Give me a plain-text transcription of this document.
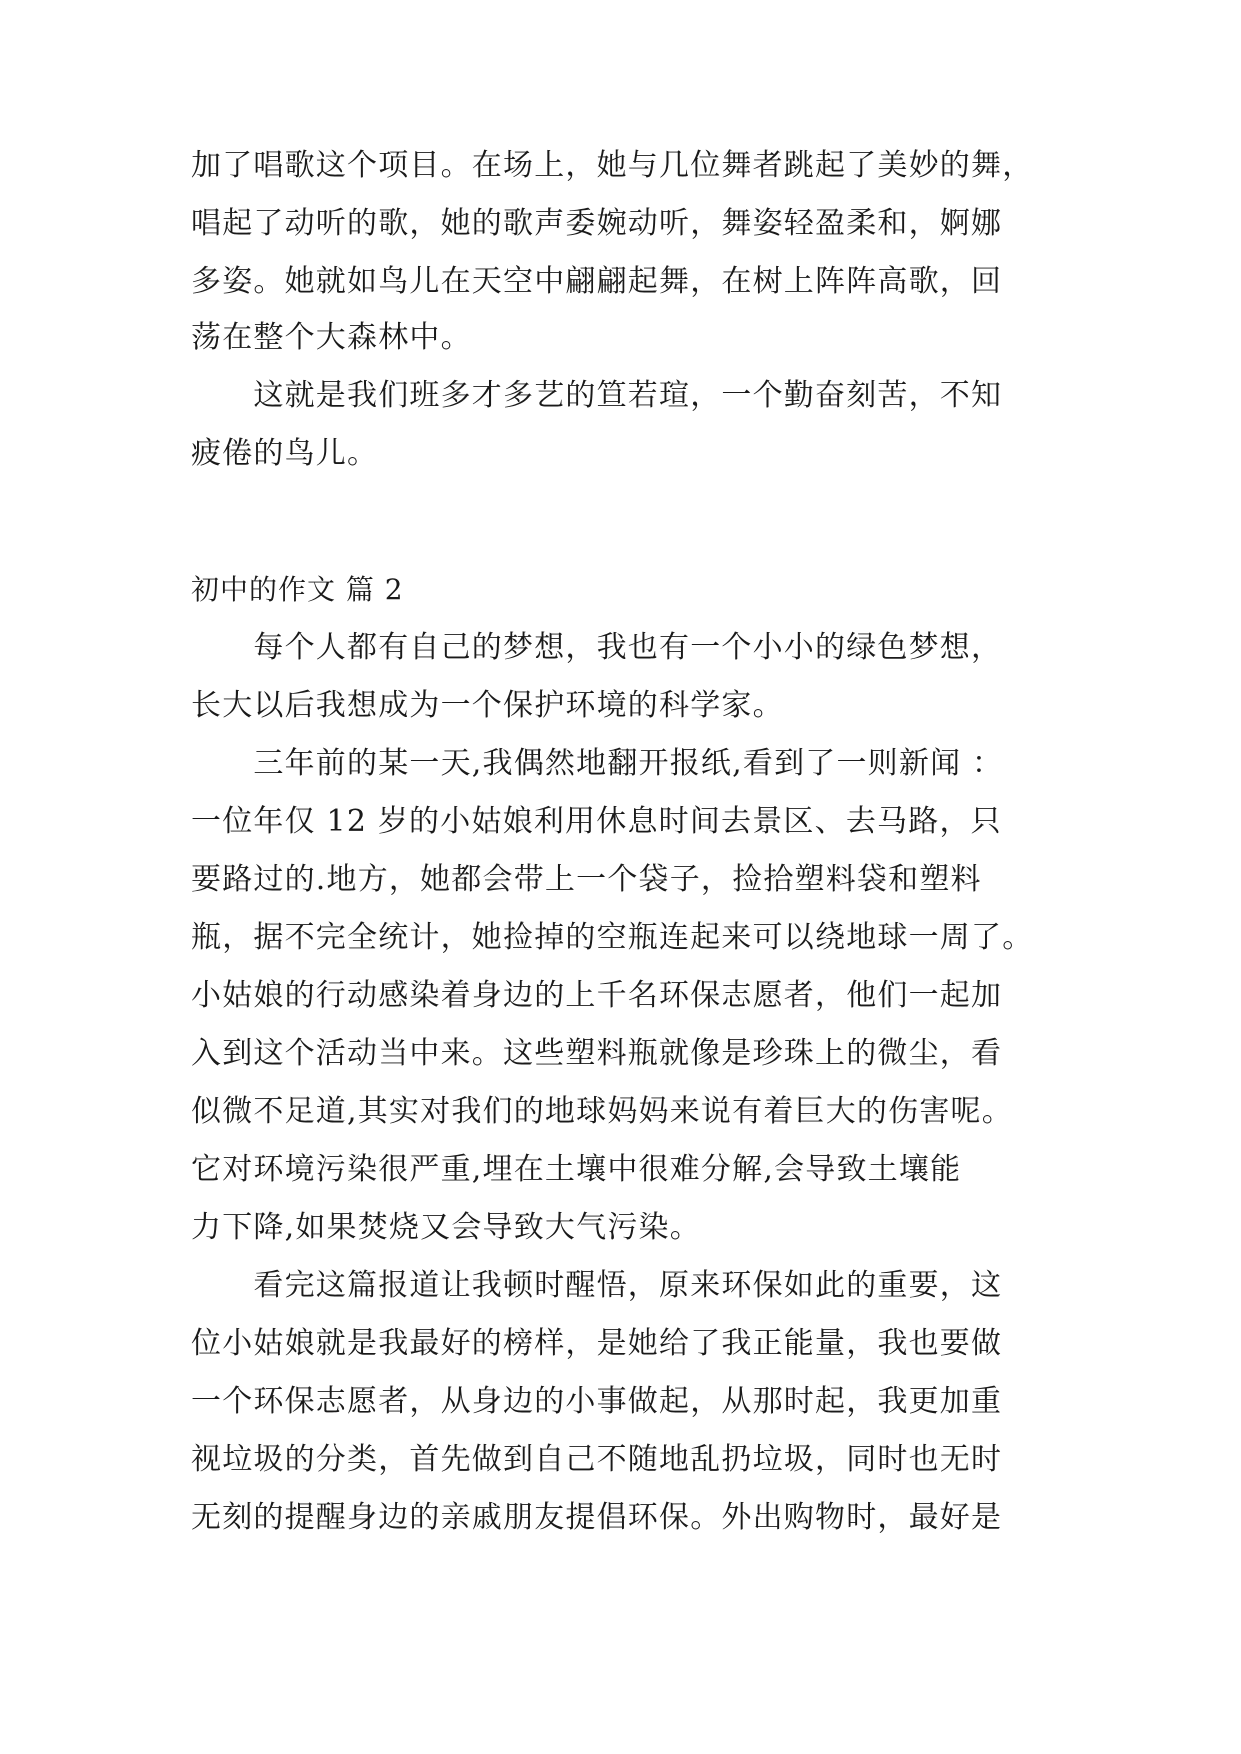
加了唱歌这个项目。在场上，她与几位舞者跳起了美妙的舞，
唱起了动听的歌，她的歌声委婉动听，舞姿轻盈柔和，婀娜
多姿。她就如鸟儿在天空中翩翩起舞，在树上阵阵高歌，回
荡在整个大森林中。
　　这就是我们班多才多艺的笪若瑄，一个勤奋刻苦，不知
疲倦的鸟儿。
初中的作文 篇 2
　　每个人都有自己的梦想，我也有一个小小的绿色梦想，
长大以后我想成为一个保护环境的科学家。
　　三年前的某一天,我偶然地翻开报纸,看到了一则新闻 ：
一位年仅 12 岁的小姑娘利用休息时间去景区、去马路，只
要路过的.地方，她都会带上一个袋子，捡拾塑料袋和塑料
瓶，据不完全统计，她捡掉的空瓶连起来可以绕地球一周了。
小姑娘的行动感染着身边的上千名环保志愿者，他们一起加
入到这个活动当中来。这些塑料瓶就像是珍珠上的微尘，看
似微不足道,其实对我们的地球妈妈来说有着巨大的伤害呢。
它对环境污染很严重,埋在土壤中很难分解,会导致土壤能
力下降,如果焚烧又会导致大气污染。
　　看完这篇报道让我顿时醒悟，原来环保如此的重要，这
位小姑娘就是我最好的榜样，是她给了我正能量，我也要做
一个环保志愿者，从身边的小事做起，从那时起，我更加重
视垃圾的分类，首先做到自己不随地乱扔垃圾，同时也无时
无刻的提醒身边的亲戚朋友提倡环保。外出购物时，最好是
